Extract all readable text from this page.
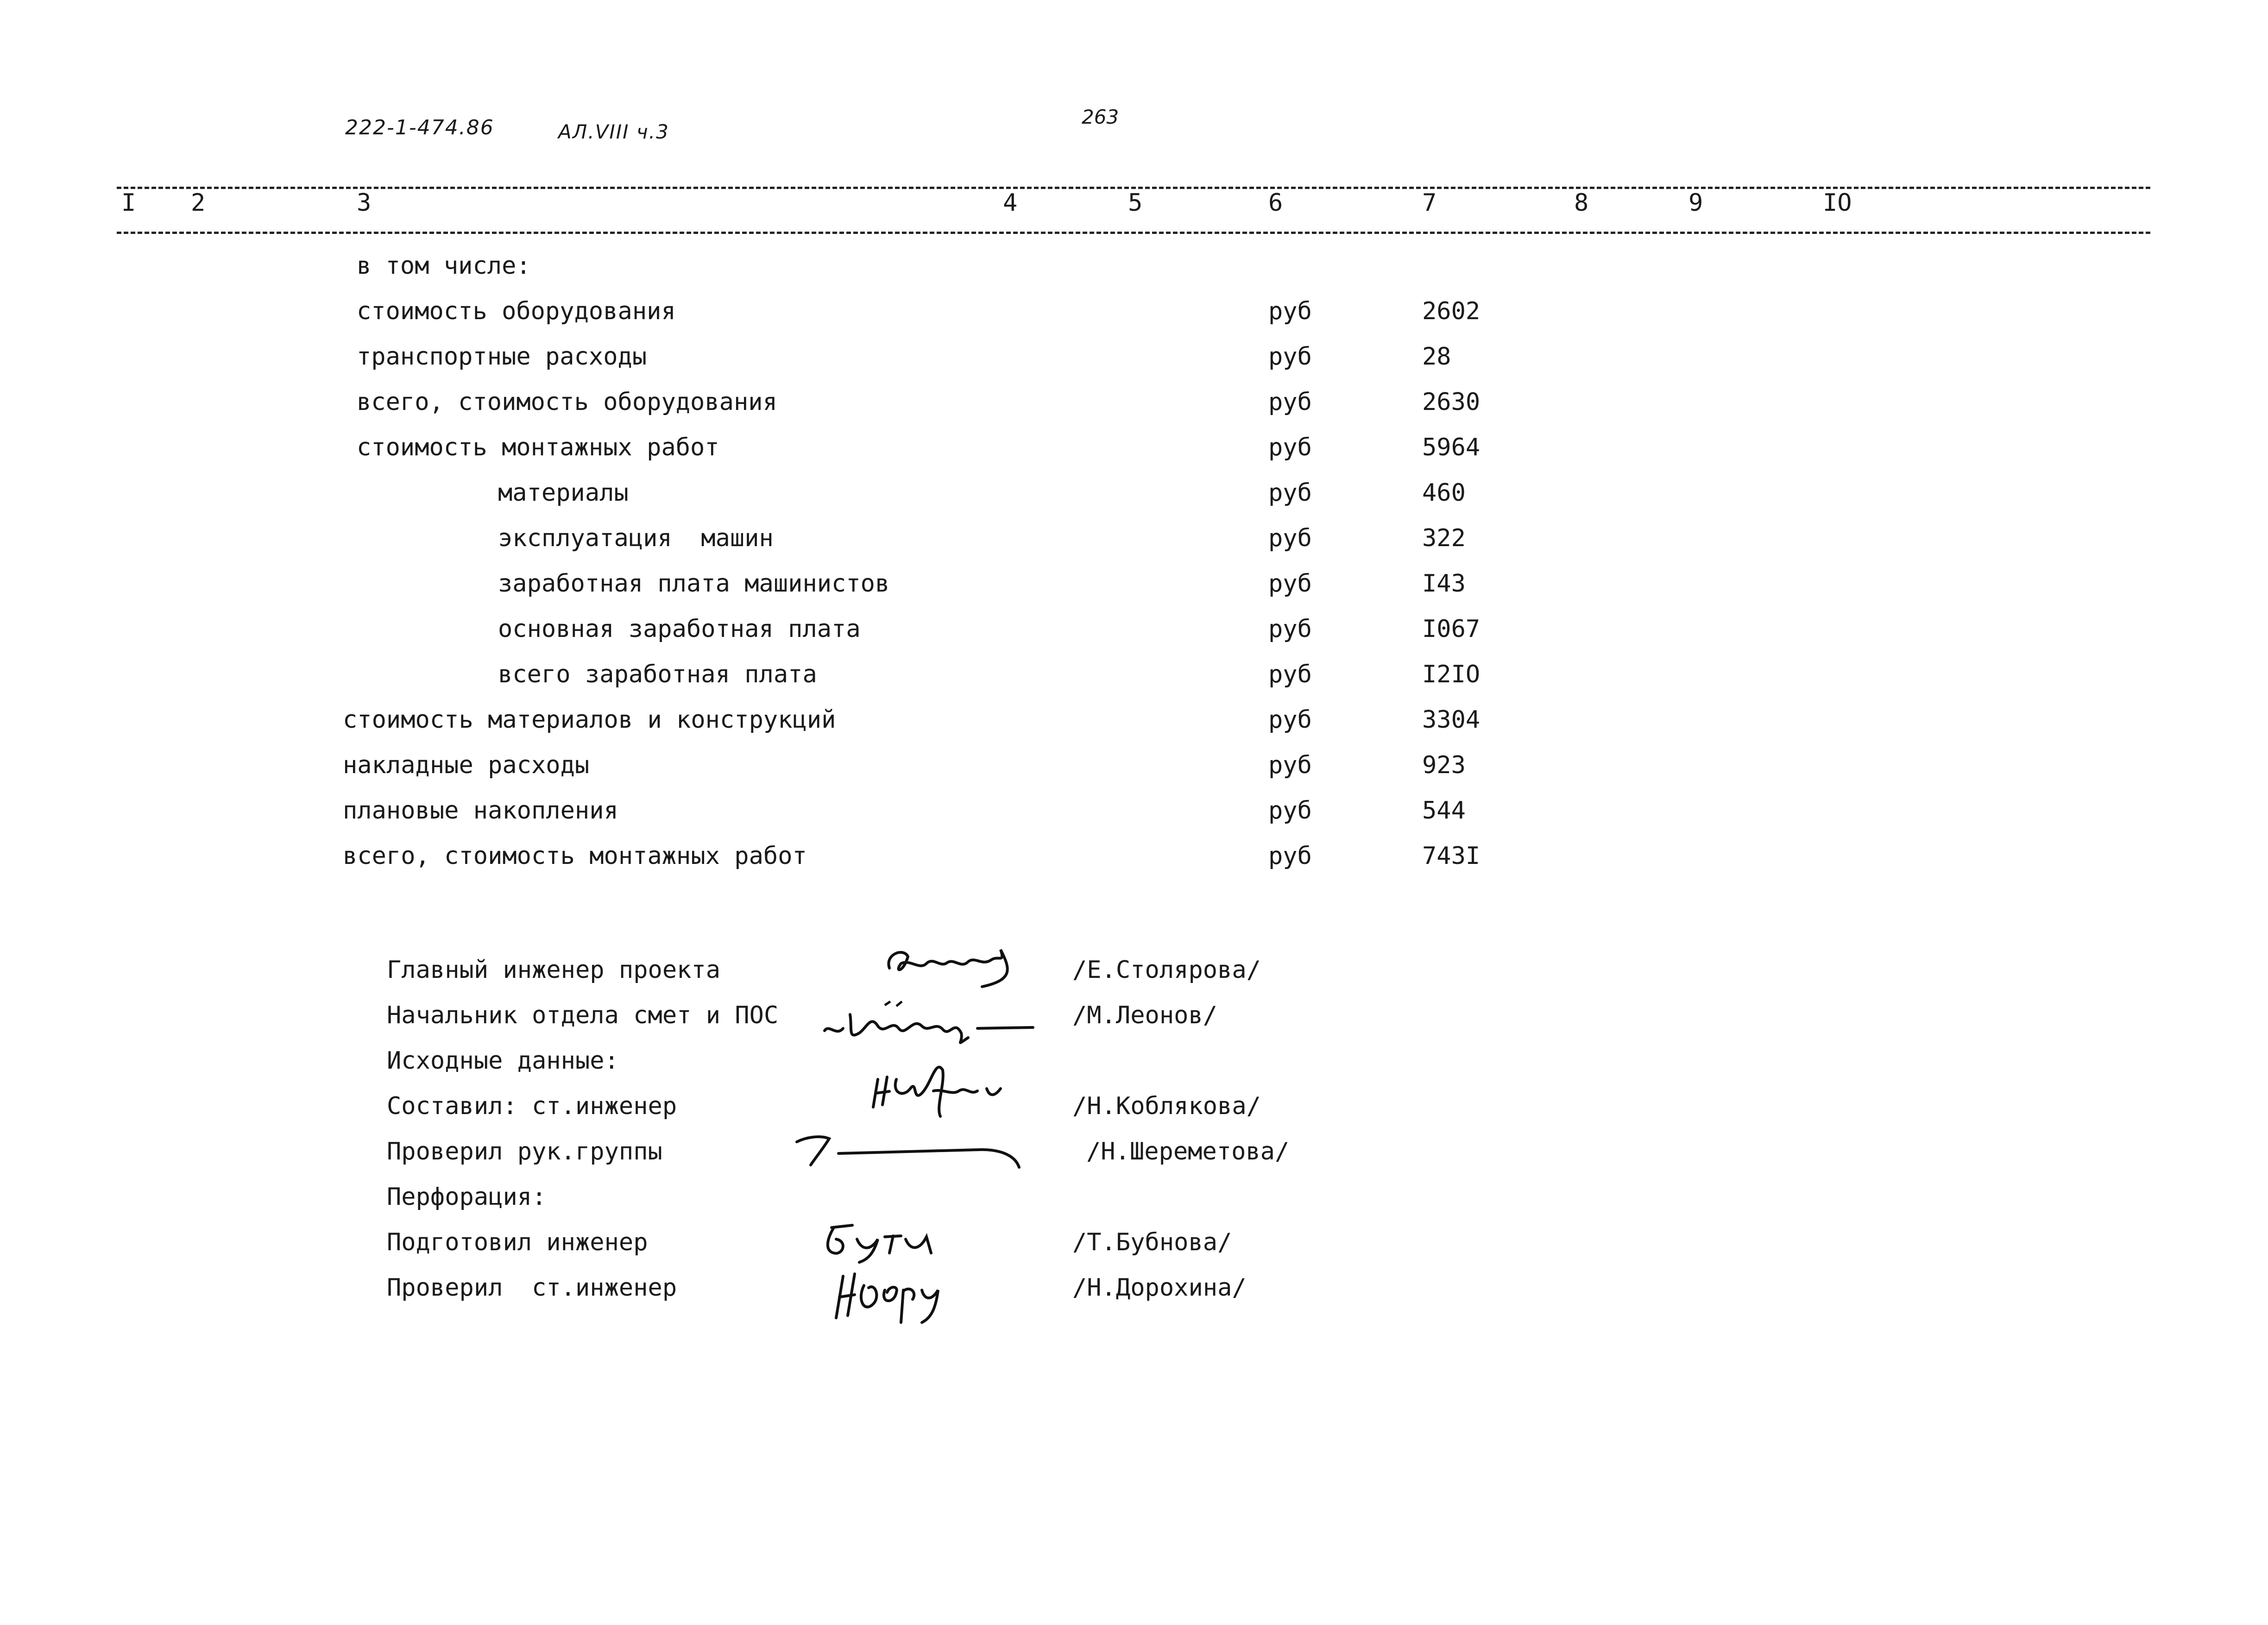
222-1-474.86	АЛ.VIII ч.3
263
I 2	3	4	5	6	7	8	9	IO
в том числе:
стоимость оборудования	руб	2602
транспортные расходы	руб	28
всего, стоимость оборудования	руб	2630
стоимость монтажных работ	руб	5964
материалы	руб	460
эксплуатация  машин	руб	322
заработная плата машинистов	руб	I43
основная заработная плата	руб	I067
всего заработная плата	руб	I2IO
стоимость материалов и конструкций	руб	3304
накладные расходы	руб	923
плановые накопления	руб	544
всего, стоимость монтажных работ	руб	743I
Главный инженер проекта	/Е.Столярова/
Начальник отдела смет и ПОС	/М.Леонов/
Исходные данные:
Составил: ст.инженер	/Н.Коблякова/
Проверил рук.группы	/Н.Шереметова/
Перфорация:
Подготовил инженер	/Т.Бубнова/
Проверил  ст.инженер	/Н.Дорохина/
